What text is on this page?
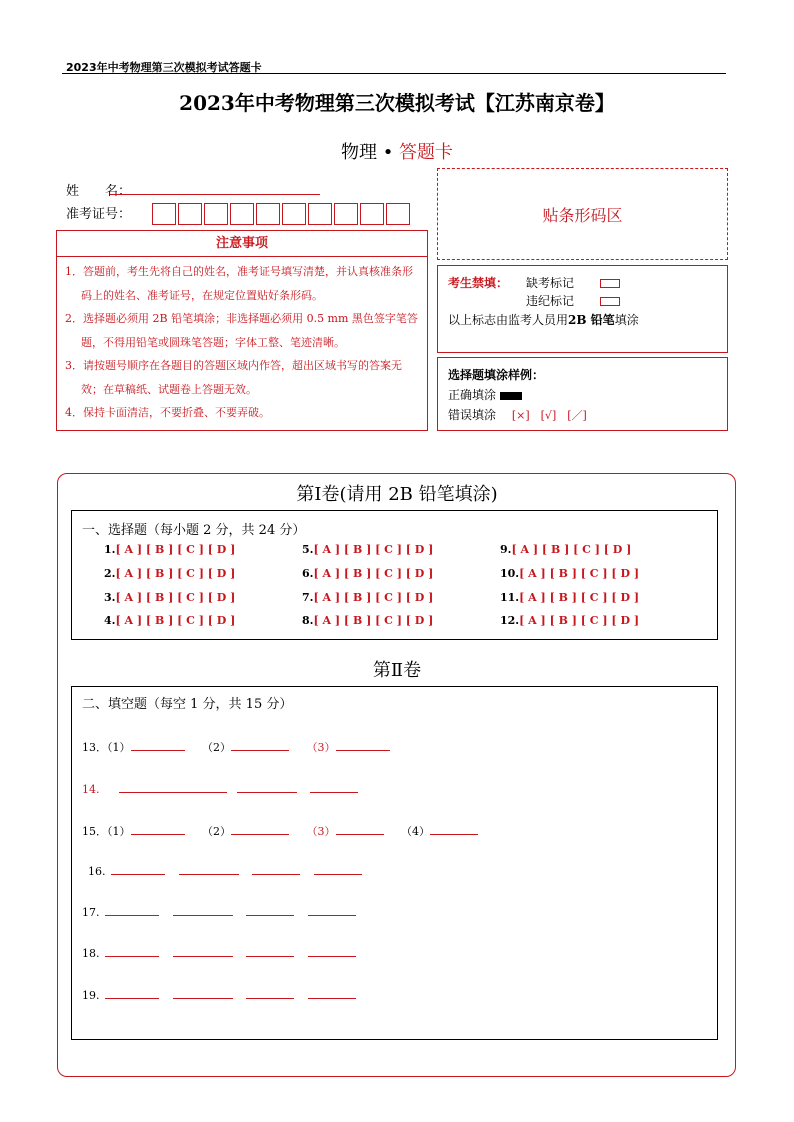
2023年中考物理第三次模拟考试答题卡
2023年中考物理第三次模拟考试【江苏南京卷】
物理 • 答题卡
姓　　名：
准考证号：	贴条形码区
注意事项
1．答题前，考生先将自己的姓名，准考证号填写清楚，并认真核准条形码上的姓名、准考证号，在规定位置贴好条形码。
2．选择题必须用 2B 铅笔填涂；非选择题必须用 0.5 mm 黑色签字笔答题，不得用铅笔或圆珠笔答题；字体工整、笔迹清晰。
3．请按题号顺序在各题目的答题区域内作答，超出区域书写的答案无效；在草稿纸、试题卷上答题无效。
4．保持卡面清洁，不要折叠、不要弄破。
考生禁填： 缺考标记
违纪标记
以上标志由监考人员用2B 铅笔填涂
选择题填涂样例：
正确填涂
错误填涂 [×]　[√]　[／]
第Ⅰ卷(请用 2B 铅笔填涂)
一、选择题（每小题 2 分，共 24 分）
1.[ A ] [ B ] [ C ] [ D ]
2.[ A ] [ B ] [ C ] [ D ]
3.[ A ] [ B ] [ C ] [ D ]
4.[ A ] [ B ] [ C ] [ D ]
5.[ A ] [ B ] [ C ] [ D ]
6.[ A ] [ B ] [ C ] [ D ]
7.[ A ] [ B ] [ C ] [ D ]
8.[ A ] [ B ] [ C ] [ D ]
9.[ A ] [ B ] [ C ] [ D ]
10.[ A ] [ B ] [ C ] [ D ]
11.[ A ] [ B ] [ C ] [ D ]
12.[ A ] [ B ] [ C ] [ D ]
第Ⅱ卷
二、填空题（每空 1 分，共 15 分）
13．（1）	（2）	（3）
14.
15．（1）	（2）	（3）	（4）
16.
17.
18.
19.
